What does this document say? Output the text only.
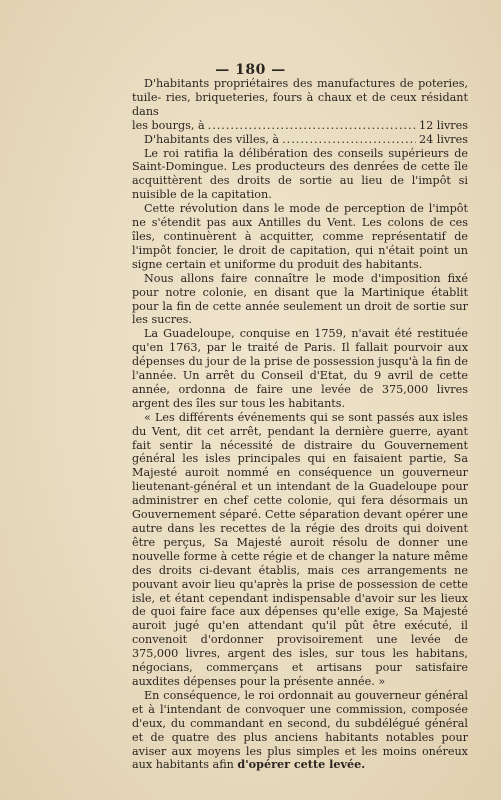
— 180 —

D'habitants propriétaires des manufactures de poteries, tuile- ries, briqueteries, fours à chaux et de ceux résidant dans

les bourgs, à .....	12 livres
D'habitants des villes, à .....	24 livres

Le roi ratifia la délibération des conseils supérieurs de Saint-Domingue. Les producteurs des denrées de cette île acquittèrent des droits de sortie au lieu de l'impôt si nuisible de la capitation.

Cette révolution dans le mode de perception de l'impôt ne s'étendit pas aux Antilles du Vent. Les colons de ces îles, continuèrent à acquitter, comme représentatif de l'impôt foncier, le droit de capitation, qui n'était point un signe certain et uniforme du produit des habitants.

Nous allons faire connaître le mode d'imposition fixé pour notre colonie, en disant que la Martinique établit pour la fin de cette année seulement un droit de sortie sur les sucres.

La Guadeloupe, conquise en 1759, n'avait été restituée qu'en 1763, par le traité de Paris. Il fallait pourvoir aux dépenses du jour de la prise de possession jusqu'à la fin de l'année. Un arrêt du Conseil d'Etat, du 9 avril de cette année, ordonna de faire une levée de 375,000 livres argent des îles sur tous les habitants.

« Les différents événements qui se sont passés aux isles du Vent, dit cet arrêt, pendant la dernière guerre, ayant fait sentir la nécessité de distraire du Gouvernement général les isles principales qui en faisaient partie, Sa Majesté auroit nommé en conséquence un gouverneur lieutenant-général et un intendant de la Guadeloupe pour administrer en chef cette colonie, qui fera désormais un Gouvernement séparé. Cette séparation devant opérer une autre dans les recettes de la régie des droits qui doivent être perçus, Sa Majesté auroit résolu de donner une nouvelle forme à cette régie et de changer la nature même des droits ci-devant établis, mais ces arrangements ne pouvant avoir lieu qu'après la prise de possession de cette isle, et étant cependant indispensable d'avoir sur les lieux de quoi faire face aux dépenses qu'elle exige, Sa Majesté auroit jugé qu'en attendant qu'il pût être exécuté, il convenoit d'ordonner provisoirement une levée de 375,000 livres, argent des isles, sur tous les habitans, négocians, commerçans et artisans pour satisfaire auxdites dépenses pour la présente année. »

En conséquence, le roi ordonnait au gouverneur général et à l'intendant de convoquer une commission, composée d'eux, du commandant en second, du subdélégué général et de quatre des plus anciens habitants notables pour aviser aux moyens les plus simples et les moins onéreux aux habitants afin d'opérer cette levée.
